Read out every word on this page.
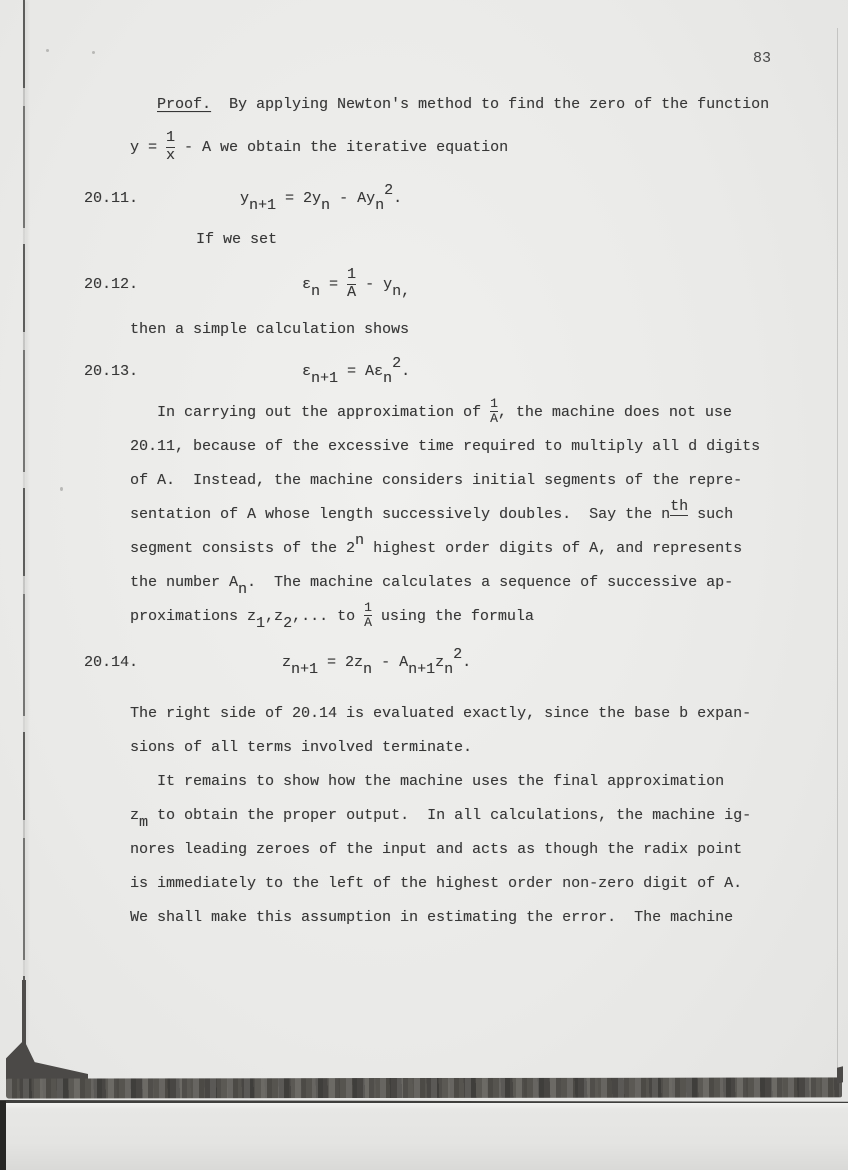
83
Proof.  By applying Newton's method to find the zero of the function
$y = \frac{1}{x} - A$ we obtain the iterative equation
20.11.	yn+1 = 2yn - Ayn2.
If we set
20.12.	$\varepsilon n = \frac{1}{A}$ - yn,
then a simple calculation shows
20.13.	εn+1 = Aεn2.
In carrying out the approximation of $\frac{1}{A}$ , the machine does not use
20.11, because of the excessive time required to multiply all d digits
of A.  Instead, the machine considers initial segments of the repre-
sentation of A whose length successively doubles.  Say the nth such
segment consists of the 2n highest order digits of A, and represents
the number An.  The machine calculates a sequence of successive ap-
proximations z1,z2,... to $\frac{1}{A}$ using the formula
20.14.	zn+1 = 2zn - An+1zn2.
The right side of 20.14 is evaluated exactly, since the base b expan-
sions of all terms involved terminate.
It remains to show how the machine uses the final approximation
zm to obtain the proper output.  In all calculations, the machine ig-
nores leading zeroes of the input and acts as though the radix point
is immediately to the left of the highest order non-zero digit of A.
We shall make this assumption in estimating the error.  The machine
